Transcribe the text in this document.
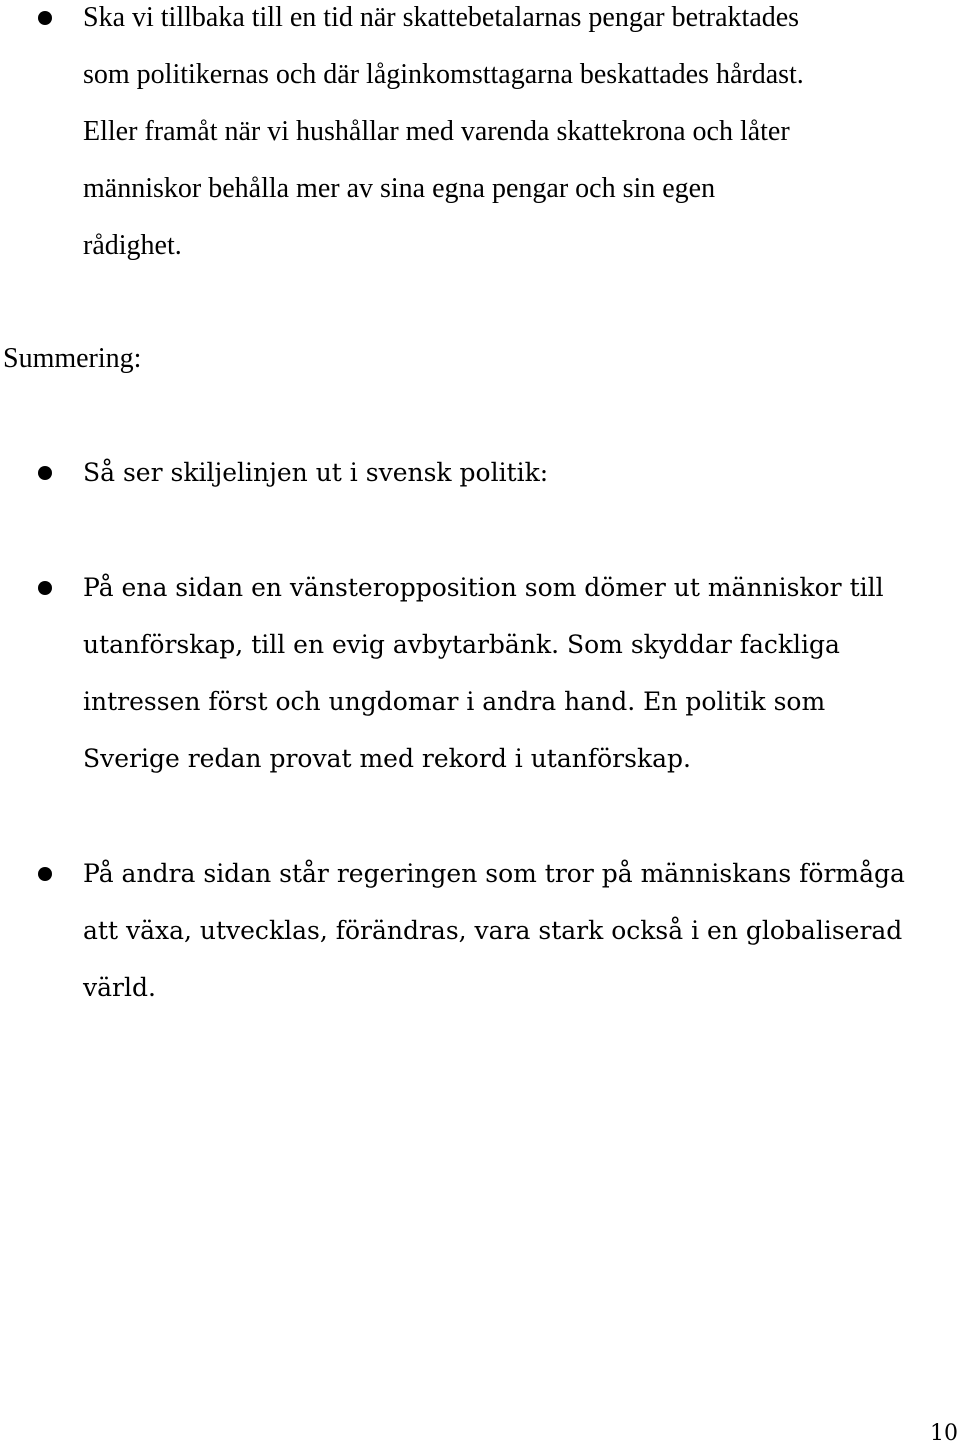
Ska vi tillbaka till en tid när skattebetalarnas pengar betraktades
som politikernas och där låginkomsttagarna beskattades hårdast.
Eller framåt när vi hushållar med varenda skattekrona och låter
människor behålla mer av sina egna pengar och sin egen
rådighet.
Summering:
Så ser skiljelinjen ut i svensk politik:
På ena sidan en vänsteropposition som dömer ut människor till
utanförskap, till en evig avbytarbänk. Som skyddar fackliga
intressen först och ungdomar i andra hand. En politik som
Sverige redan provat med rekord i utanförskap.
På andra sidan står regeringen som tror på människans förmåga
att växa, utvecklas, förändras, vara stark också i en globaliserad
värld.
10
